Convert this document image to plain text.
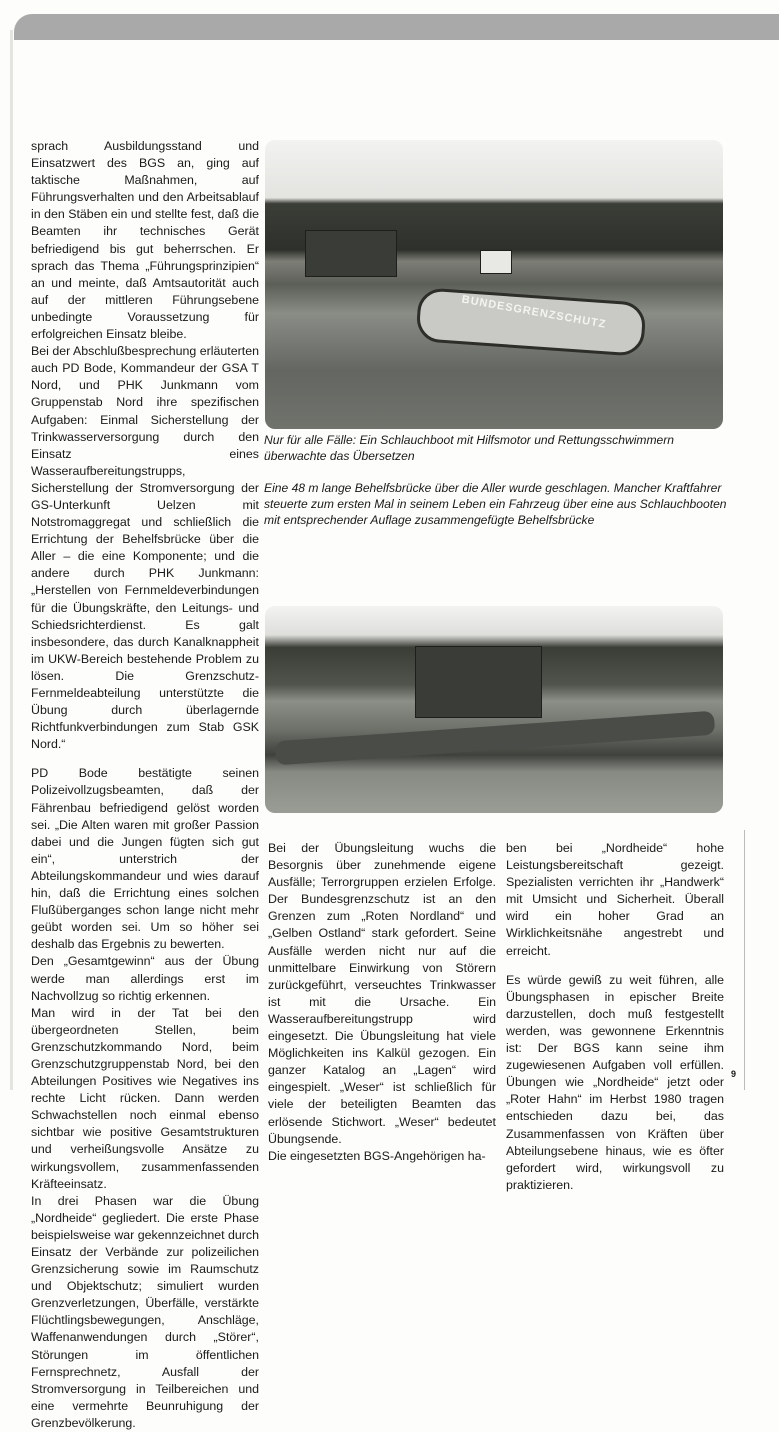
sprach Ausbildungsstand und Einsatzwert des BGS an, ging auf taktische Maßnahmen, auf Führungsverhalten und den Arbeitsablauf in den Stäben ein und stellte fest, daß die Beamten ihr technisches Gerät befriedigend bis gut beherrschen. Er sprach das Thema „Führungsprinzipien“ an und meinte, daß Amtsautorität auch auf der mittleren Führungsebene unbedingte Voraussetzung für erfolgreichen Einsatz bleibe.

Bei der Abschlußbesprechung erläuterten auch PD Bode, Kommandeur der GSA T Nord, und PHK Junkmann vom Gruppenstab Nord ihre spezifischen Aufgaben: Einmal Sicherstellung der Trinkwasserversorgung durch den Einsatz eines Wasseraufbereitungstrupps, Sicherstellung der Stromversorgung der GS-Unterkunft Uelzen mit Notstromaggregat und schließlich die Errichtung der Behelfsbrücke über die Aller – die eine Komponente; und die andere durch PHK Junkmann: „Herstellen von Fernmeldeverbindungen für die Übungskräfte, den Leitungs- und Schiedsrichterdienst. Es galt insbesondere, das durch Kanalknappheit im UKW-Bereich bestehende Problem zu lösen. Die Grenzschutz-Fernmeldeabteilung unterstützte die Übung durch überlagernde Richtfunkverbindungen zum Stab GSK Nord.“

PD Bode bestätigte seinen Polizeivollzugsbeamten, daß der Fährenbau befriedigend gelöst worden sei. „Die Alten waren mit großer Passion dabei und die Jungen fügten sich gut ein“, unterstrich der Abteilungskommandeur und wies darauf hin, daß die Errichtung eines solchen Flußüberganges schon lange nicht mehr geübt worden sei. Um so höher sei deshalb das Ergebnis zu bewerten.

Den „Gesamtgewinn“ aus der Übung werde man allerdings erst im Nachvollzug so richtig erkennen.

Man wird in der Tat bei den übergeordneten Stellen, beim Grenzschutzkommando Nord, beim Grenzschutzgruppenstab Nord, bei den Abteilungen Positives wie Negatives ins rechte Licht rücken. Dann werden Schwachstellen noch einmal ebenso sichtbar wie positive Gesamtstrukturen und verheißungsvolle Ansätze zu wirkungsvollem, zusammenfassenden Kräfteeinsatz.

In drei Phasen war die Übung „Nordheide“ gegliedert. Die erste Phase beispielsweise war gekennzeichnet durch Einsatz der Verbände zur polizeilichen Grenzsicherung sowie im Raumschutz und Objektschutz; simuliert wurden Grenzverletzungen, Überfälle, verstärkte Flüchtlingsbewegungen, Anschläge, Waffenanwendungen durch „Störer“, Störungen im öffentlichen Fernsprechnetz, Ausfall der Stromversorgung in Teilbereichen und eine vermehrte Beunruhigung der Grenzbevölkerung.

BUNDESGRENZSCHUTZ
Nur für alle Fälle: Ein Schlauchboot mit Hilfsmotor und Rettungsschwimmern überwachte das Übersetzen
Eine 48 m lange Behelfsbrücke über die Aller wurde geschlagen. Mancher Kraftfahrer steuerte zum ersten Mal in seinem Leben ein Fahrzeug über eine aus Schlauchbooten mit entsprechender Auflage zusammengefügte Behelfsbrücke

Bei der Übungsleitung wuchs die Besorgnis über zunehmende eigene Ausfälle; Terrorgruppen erzielen Erfolge. Der Bundesgrenzschutz ist an den Grenzen zum „Roten Nordland“ und „Gelben Ostland“ stark gefordert. Seine Ausfälle werden nicht nur auf die unmittelbare Einwirkung von Störern zurückgeführt, verseuchtes Trinkwasser ist mit die Ursache. Ein Wasseraufbereitungstrupp wird eingesetzt. Die Übungsleitung hat viele Möglichkeiten ins Kalkül gezogen. Ein ganzer Katalog an „Lagen“ wird eingespielt. „Weser“ ist schließlich für viele der beteiligten Beamten das erlösende Stichwort. „Weser“ bedeutet Übungsende.

Die eingesetzten BGS-Angehörigen ha-

ben bei „Nordheide“ hohe Leistungsbereitschaft gezeigt. Spezialisten verrichten ihr „Handwerk“ mit Umsicht und Sicherheit. Überall wird ein hoher Grad an Wirklichkeitsnähe angestrebt und erreicht.

Es würde gewiß zu weit führen, alle Übungsphasen in epischer Breite darzustellen, doch muß festgestellt werden, was gewonnene Erkenntnis ist: Der BGS kann seine ihm zugewiesenen Aufgaben voll erfüllen. Übungen wie „Nordheide“ jetzt oder „Roter Hahn“ im Herbst 1980 tragen entschieden dazu bei, das Zusammenfassen von Kräften über Abteilungsebene hinaus, wie es öfter gefordert wird, wirkungsvoll zu praktizieren.

9
